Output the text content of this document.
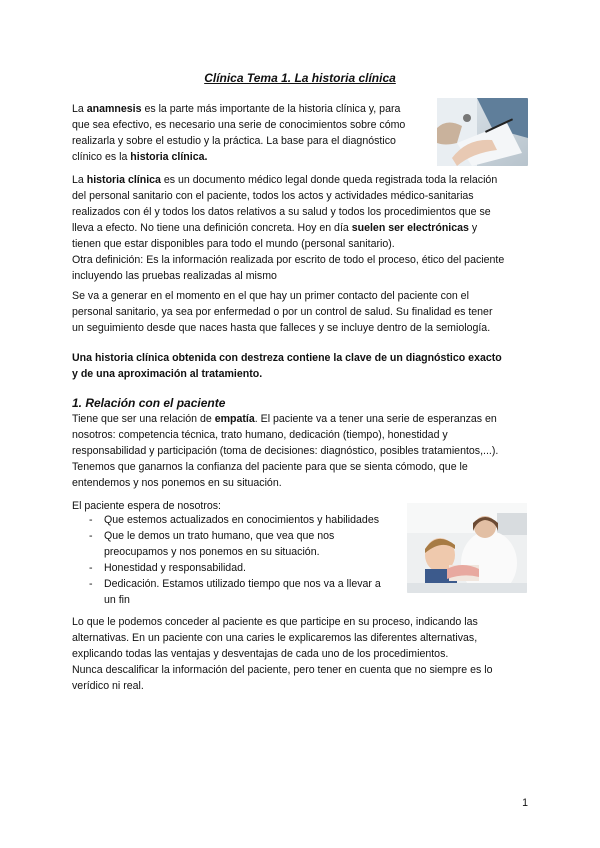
Clínica Tema 1. La historia clínica

La anamnesis es la parte más importante de la historia clínica y, para
que sea efectivo, es necesario una serie de conocimientos sobre cómo
realizarla y sobre el estudio y la práctica. La base para el diagnóstico
clínico es la historia clínica.

La historia clínica es un documento médico legal donde queda registrada toda la relación
del personal sanitario con el paciente, todos los actos y actividades médico-sanitarias
realizados con él y todos los datos relativos a su salud y todos los procedimientos que se
lleva a efecto. No tiene una definición concreta. Hoy en día suelen ser electrónicas y
tienen que estar disponibles para todo el mundo (personal sanitario).
Otra definición: Es la información realizada por escrito de todo el proceso, ético del paciente
incluyendo las pruebas realizadas al mismo

Se va a generar en el momento en el que hay un primer contacto del paciente con el
personal sanitario, ya sea por enfermedad o por un control de salud. Su finalidad es tener
un seguimiento desde que naces hasta que falleces y se incluye dentro de la semiología.

Una historia clínica obtenida con destreza contiene la clave de un diagnóstico exacto
y de una aproximación al tratamiento.

1. Relación con el paciente

Tiene que ser una relación de empatía. El paciente va a tener una serie de esperanzas en
nosotros: competencia técnica, trato humano, dedicación (tiempo), honestidad y
responsabilidad y participación (toma de decisiones: diagnóstico, posibles tratamientos,...).
Tenemos que ganarnos la confianza del paciente para que se sienta cómodo, que le
entendemos y nos ponemos en su situación.

El paciente espera de nosotros:

- Que estemos actualizados en conocimientos y habilidades
- Que le demos un trato humano, que vea que nos
preocupamos y nos ponemos en su situación.
- Honestidad y responsabilidad.
- Dedicación. Estamos utilizado tiempo que nos va a llevar a
un fin

Lo que le podemos conceder al paciente es que participe en su proceso, indicando las
alternativas. En un paciente con una caries le explicaremos las diferentes alternativas,
explicando todas las ventajas y desventajas de cada uno de los procedimientos.
Nunca descalificar la información del paciente, pero tener en cuenta que no siempre es lo
verídico ni real.

1
